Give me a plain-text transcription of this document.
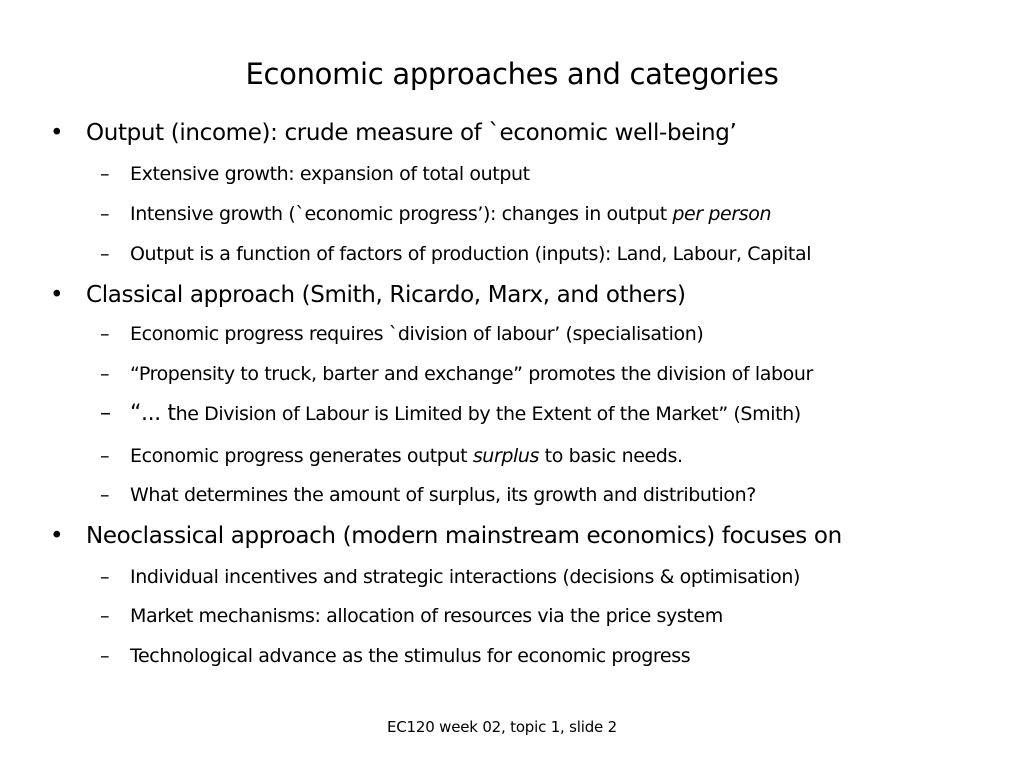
Economic approaches and categories
• Output (income): crude measure of `economic well-being’
– Extensive growth: expansion of total output
– Intensive growth (`economic progress’): changes in output per person
– Output is a function of factors of production (inputs): Land, Labour, Capital
• Classical approach (Smith, Ricardo, Marx, and others)
– Economic progress requires `division of labour’ (specialisation)
– “Propensity to truck, barter and exchange” promotes the division of labour
– “... the Division of Labour is Limited by the Extent of the Market” (Smith)
– Economic progress generates output surplus to basic needs.
– What determines the amount of surplus, its growth and distribution?
• Neoclassical approach (modern mainstream economics) focuses on
– Individual incentives and strategic interactions (decisions & optimisation)
– Market mechanisms: allocation of resources via the price system
– Technological advance as the stimulus for economic progress
EC120 week 02, topic 1, slide 2
